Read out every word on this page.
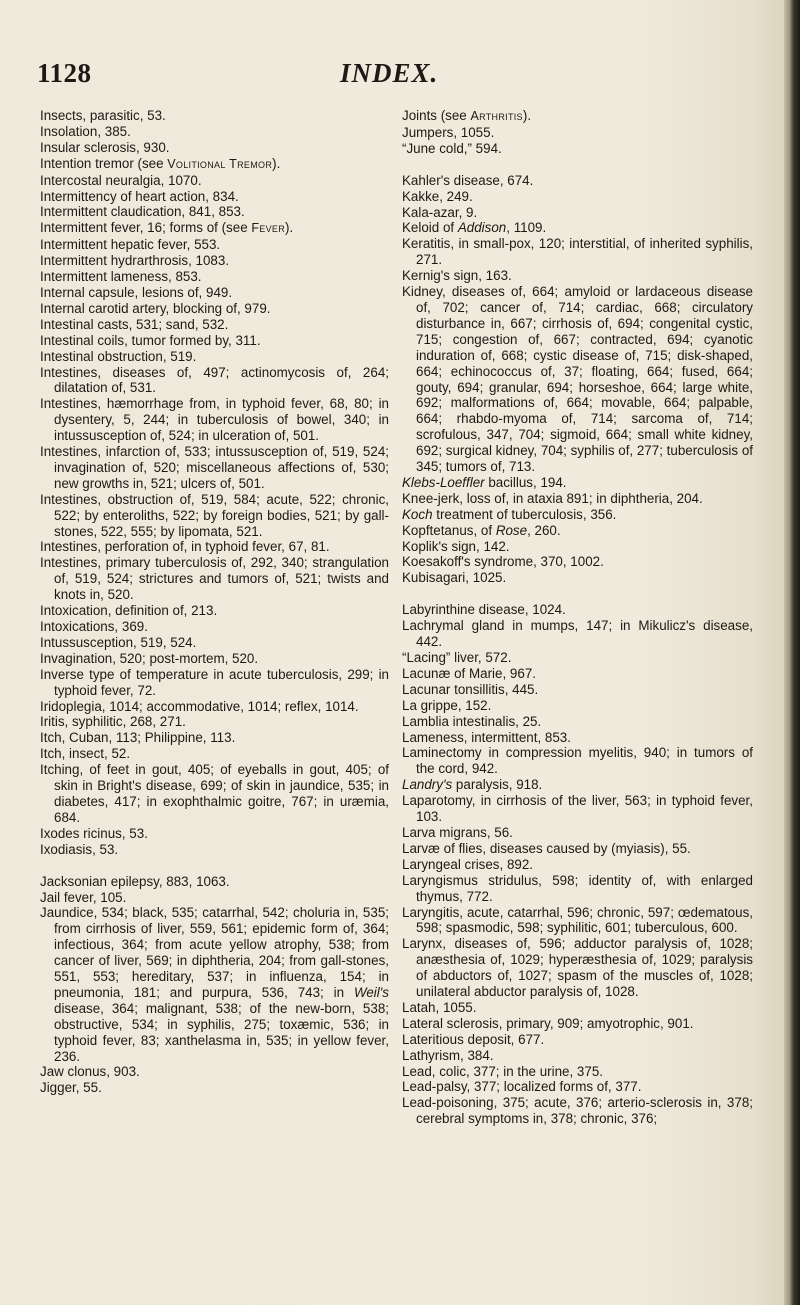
1128	INDEX.
Insects, parasitic, 53.
Insolation, 385.
Insular sclerosis, 930.
Intention tremor (see Volitional Tremor).
Intercostal neuralgia, 1070.
Intermittency of heart action, 834.
Intermittent claudication, 841, 853.
Intermittent fever, 16; forms of (see Fever).
Intermittent hepatic fever, 553.
Intermittent hydrarthrosis, 1083.
Intermittent lameness, 853.
Internal capsule, lesions of, 949.
Internal carotid artery, blocking of, 979.
Intestinal casts, 531; sand, 532.
Intestinal coils, tumor formed by, 311.
Intestinal obstruction, 519.
Intestines, diseases of, 497; actinomycosis of, 264; dilatation of, 531.
Intestines, hæmorrhage from, in typhoid fever, 68, 80; in dysentery, 5, 244; in tuberculosis of bowel, 340; in intussusception of, 524; in ulceration of, 501.
Intestines, infarction of, 533; intussusception of, 519, 524; invagination of, 520; miscellaneous affections of, 530; new growths in, 521; ulcers of, 501.
Intestines, obstruction of, 519, 584; acute, 522; chronic, 522; by enteroliths, 522; by foreign bodies, 521; by gall-stones, 522, 555; by lipomata, 521.
Intestines, perforation of, in typhoid fever, 67, 81.
Intestines, primary tuberculosis of, 292, 340; strangulation of, 519, 524; strictures and tumors of, 521; twists and knots in, 520.
Intoxication, definition of, 213.
Intoxications, 369.
Intussusception, 519, 524.
Invagination, 520; post-mortem, 520.
Inverse type of temperature in acute tuberculosis, 299; in typhoid fever, 72.
Iridoplegia, 1014; accommodative, 1014; reflex, 1014.
Iritis, syphilitic, 268, 271.
Itch, Cuban, 113; Philippine, 113.
Itch, insect, 52.
Itching, of feet in gout, 405; of eyeballs in gout, 405; of skin in Bright's disease, 699; of skin in jaundice, 535; in diabetes, 417; in exophthalmic goitre, 767; in uræmia, 684.
Ixodes ricinus, 53.
Ixodiasis, 53.
Jacksonian epilepsy, 883, 1063.
Jail fever, 105.
Jaundice, 534; black, 535; catarrhal, 542; choluria in, 535; from cirrhosis of liver, 559, 561; epidemic form of, 364; infectious, 364; from acute yellow atrophy, 538; from cancer of liver, 569; in diphtheria, 204; from gall-stones, 551, 553; hereditary, 537; in influenza, 154; in pneumonia, 181; and purpura, 536, 743; in Weil's disease, 364; malignant, 538; of the new-born, 538; obstructive, 534; in syphilis, 275; toxæmic, 536; in typhoid fever, 83; xanthelasma in, 535; in yellow fever, 236.
Jaw clonus, 903.
Jigger, 55.
Joints (see Arthritis).
Jumpers, 1055.
“June cold,” 594.
Kahler's disease, 674.
Kakke, 249.
Kala-azar, 9.
Keloid of Addison, 1109.
Keratitis, in small-pox, 120; interstitial, of inherited syphilis, 271.
Kernig's sign, 163.
Kidney, diseases of, 664; amyloid or lardaceous disease of, 702; cancer of, 714; cardiac, 668; circulatory disturbance in, 667; cirrhosis of, 694; congenital cystic, 715; congestion of, 667; contracted, 694; cyanotic induration of, 668; cystic disease of, 715; disk-shaped, 664; echinococcus of, 37; floating, 664; fused, 664; gouty, 694; granular, 694; horseshoe, 664; large white, 692; malformations of, 664; movable, 664; palpable, 664; rhabdo-myoma of, 714; sarcoma of, 714; scrofulous, 347, 704; sigmoid, 664; small white kidney, 692; surgical kidney, 704; syphilis of, 277; tuberculosis of 345; tumors of, 713.
Klebs-Loeffler bacillus, 194.
Knee-jerk, loss of, in ataxia 891; in diphtheria, 204.
Koch treatment of tuberculosis, 356.
Kopftetanus, of Rose, 260.
Koplik's sign, 142.
Koesakoff's syndrome, 370, 1002.
Kubisagari, 1025.
Labyrinthine disease, 1024.
Lachrymal gland in mumps, 147; in Mikulicz's disease, 442.
“Lacing” liver, 572.
Lacunæ of Marie, 967.
Lacunar tonsillitis, 445.
La grippe, 152.
Lamblia intestinalis, 25.
Lameness, intermittent, 853.
Laminectomy in compression myelitis, 940; in tumors of the cord, 942.
Landry's paralysis, 918.
Laparotomy, in cirrhosis of the liver, 563; in typhoid fever, 103.
Larva migrans, 56.
Larvæ of flies, diseases caused by (myiasis), 55.
Laryngeal crises, 892.
Laryngismus stridulus, 598; identity of, with enlarged thymus, 772.
Laryngitis, acute, catarrhal, 596; chronic, 597; œdematous, 598; spasmodic, 598; syphilitic, 601; tuberculous, 600.
Larynx, diseases of, 596; adductor paralysis of, 1028; anæsthesia of, 1029; hyperæsthesia of, 1029; paralysis of abductors of, 1027; spasm of the muscles of, 1028; unilateral abductor paralysis of, 1028.
Latah, 1055.
Lateral sclerosis, primary, 909; amyotrophic, 901.
Lateritious deposit, 677.
Lathyrism, 384.
Lead, colic, 377; in the urine, 375.
Lead-palsy, 377; localized forms of, 377.
Lead-poisoning, 375; acute, 376; arterio-sclerosis in, 378; cerebral symptoms in, 378; chronic, 376;
